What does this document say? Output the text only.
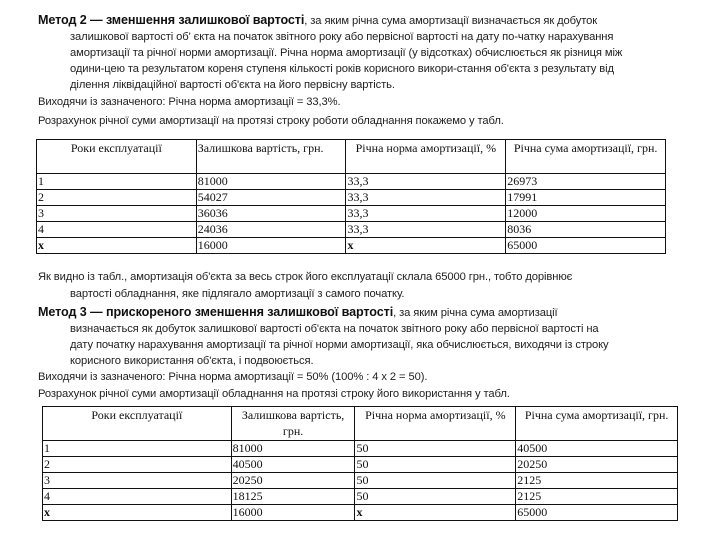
Метод 2 — зменшення залишкової вартості, за яким річна сума амортизації визначається як добуток
залишкової вартості об' єкта на початок звітного року або первісної вартості на дату по-чатку нарахування
амортизації та річної норми амортизації. Річна норма амортизації (у відсотках) обчислюється як різниця між
одини-цею та результатом кореня ступеня кількості років корисного викори-стання об'єкта з результату від
ділення ліквідаційної вартості об'єкта на його первісну вартість.
Виходячи із зазначеного: Річна норма амортизації = 33,3%.
Розрахунок річної суми амортизації на протязі строку роботи обладнання покажемо у табл.
Роки експлуатації	Залишкова вартість, грн.	Річна норма амортизації, %	Річна сума амортизації, грн.
1	81000	33,3	26973
2	54027	33,3	17991
3	36036	33,3	12000
4	24036	33,3	8036
x	16000	x	65000
Як видно із табл., амортизація об'єкта за весь строк його експлуатації склала 65000 грн., тобто дорівнює
вартості обладнання, яке підлягало амортизації з самого початку.
Метод 3 — прискореного зменшення залишкової вартості, за яким річна сума амортизації
визначається як добуток залишкової вартості об'єкта на початок звітного року або первісної вартості на
дату початку нарахування амортизації та річної норми амортизації, яка обчислюється, виходячи із строку
корисного використання об'єкта, і подвоюється.
Виходячи із зазначеного: Річна норма амортизації = 50% (100% : 4 х 2 = 50).
Розрахунок річної суми амортизації обладнання на протязі строку його використання у табл.
Роки експлуатації	Залишкова вартість, грн.	Річна норма амортизації, %	Річна сума амортизації, грн.
1	81000	50	40500
2	40500	50	20250
3	20250	50	2125
4	18125	50	2125
x	16000	x	65000
